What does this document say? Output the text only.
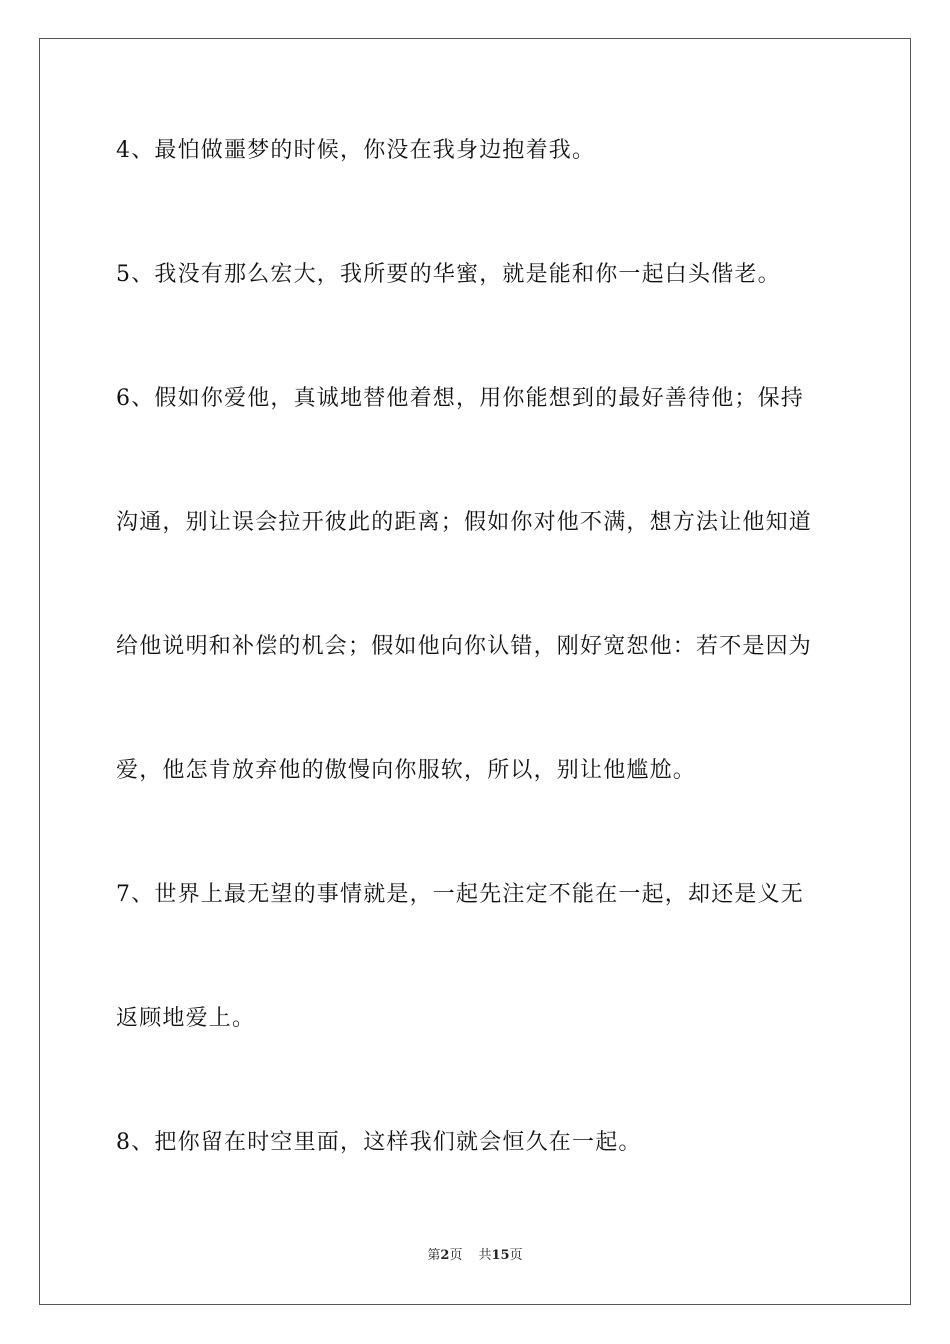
4、最怕做噩梦的时候，你没在我身边抱着我。
5、我没有那么宏大，我所要的华蜜，就是能和你一起白头偕老。
6、假如你爱他，真诚地替他着想，用你能想到的最好善待他；保持
沟通，别让误会拉开彼此的距离；假如你对他不满，想方法让他知道
给他说明和补偿的机会；假如他向你认错，刚好宽恕他：若不是因为
爱，他怎肯放弃他的傲慢向你服软，所以，别让他尴尬。
7、世界上最无望的事情就是，一起先注定不能在一起，却还是义无
返顾地爱上。
8、把你留在时空里面，这样我们就会恒久在一起。
第2页 共15页
